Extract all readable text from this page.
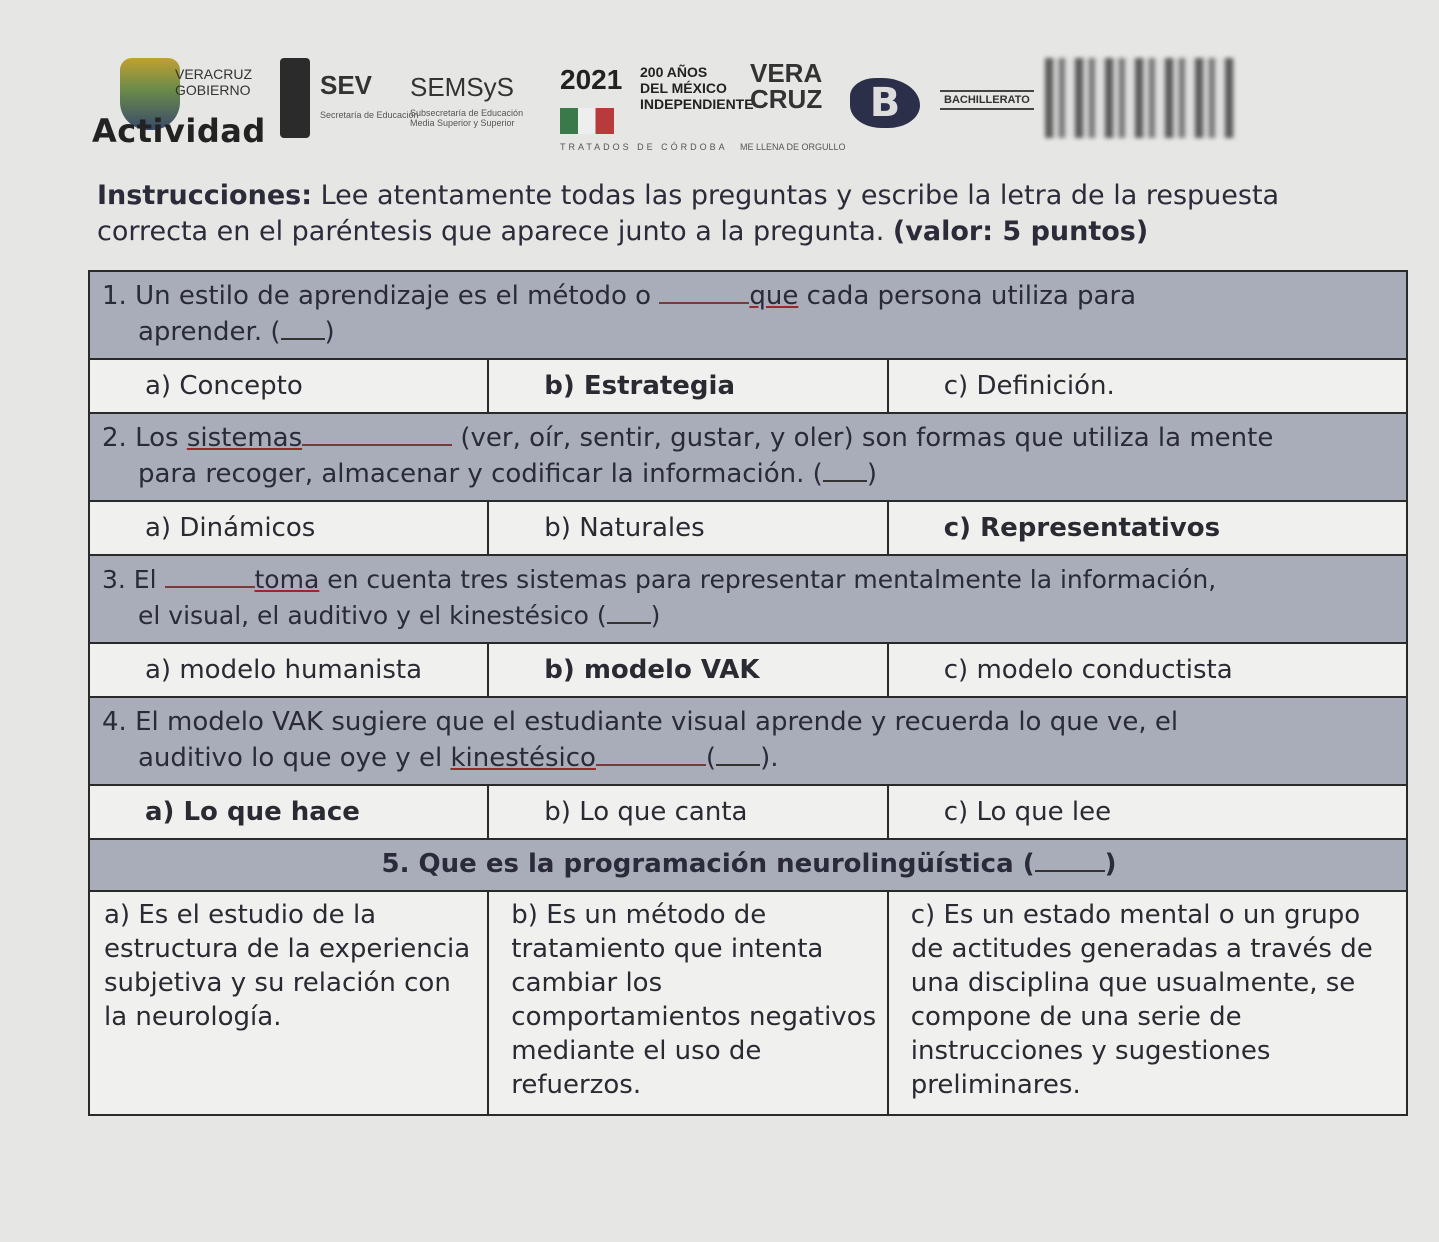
Actividad
VERACRUZ GOBIERNO	SEV
Secretaría de Educación
SEMSyS
Subsecretaría de Educación Media Superior y Superior
2021 200 AÑOS DEL MÉXICO INDEPENDIENTE
TRATADOS DE CÓRDOBA
VERA CRUZ
ME LLENA DE ORGULLO
B	BACHILLERATO
Instrucciones: Lee atentamente todas las preguntas y escribe la letra de la respuesta
correcta en el paréntesis que aparece junto a la pregunta. (valor: 5 puntos)
1. Un estilo de aprendizaje es el método o que cada persona utiliza para
aprender. ( )		

a) Concepto	b) Estrategia	c) Definición.
2. Los sistemas (ver, oír, sentir, gustar, y oler) son formas que utiliza la mente
para recoger, almacenar y codificar la información. ( )		

a) Dinámicos	b) Naturales	c) Representativos
3. El toma en cuenta tres sistemas para representar mentalmente la información,
el visual, el auditivo y el kinestésico ( )		

a) modelo humanista	b) modelo VAK	c) modelo conductista
4. El modelo VAK sugiere que el estudiante visual aprende y recuerda lo que ve, el
auditivo lo que oye y el kinestésico ( ).		

a) Lo que hace	b) Lo que canta	c) Lo que lee
5. Que es la programación neurolingüística ( )		

a) Es el estudio de la estructura de la experiencia subjetiva y su relación con la neurología.	b) Es un método de tratamiento que intenta cambiar los comportamientos negativos mediante el uso de refuerzos.	c) Es un estado mental o un grupo de actitudes generadas a través de una disciplina que usualmente, se compone de una serie de instrucciones y sugestiones preliminares.
